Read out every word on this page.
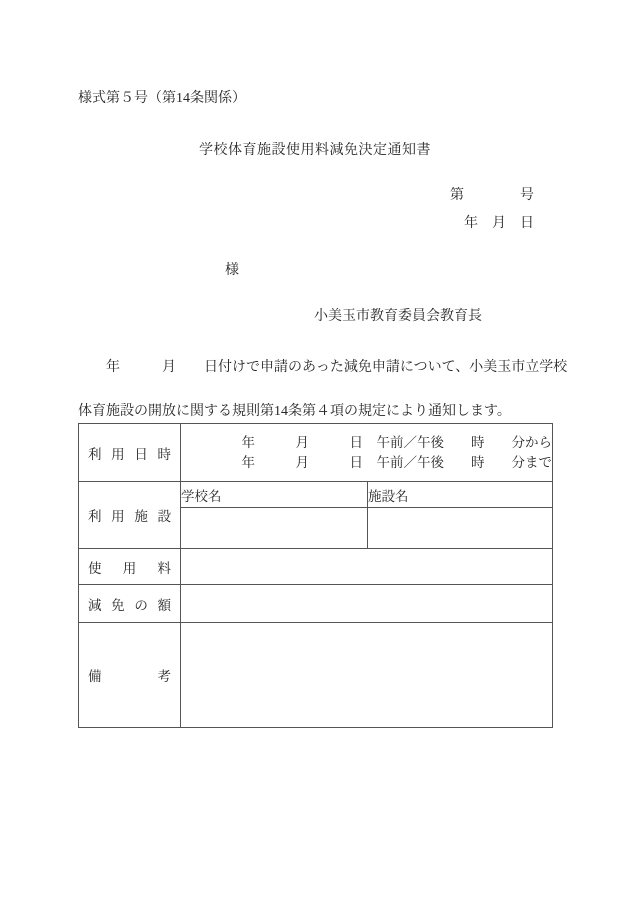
様式第５号（第14条関係）
学校体育施設使用料減免決定通知書
第　　　　号
年　月　日
様
小美玉市教育委員会教育長
　　年　　　月　　日付けで申請のあった減免申請について、小美玉市立学校

体育施設の開放に関する規則第14条第４項の規定により通知します。
利用日時	年　　　月　　　日　午前／午後　　時　　分から
年　　　月　　　日　午前／午後　　時　　分まで	

利用施設	学校名	施設名

使用料		

減免の額		

備考		
